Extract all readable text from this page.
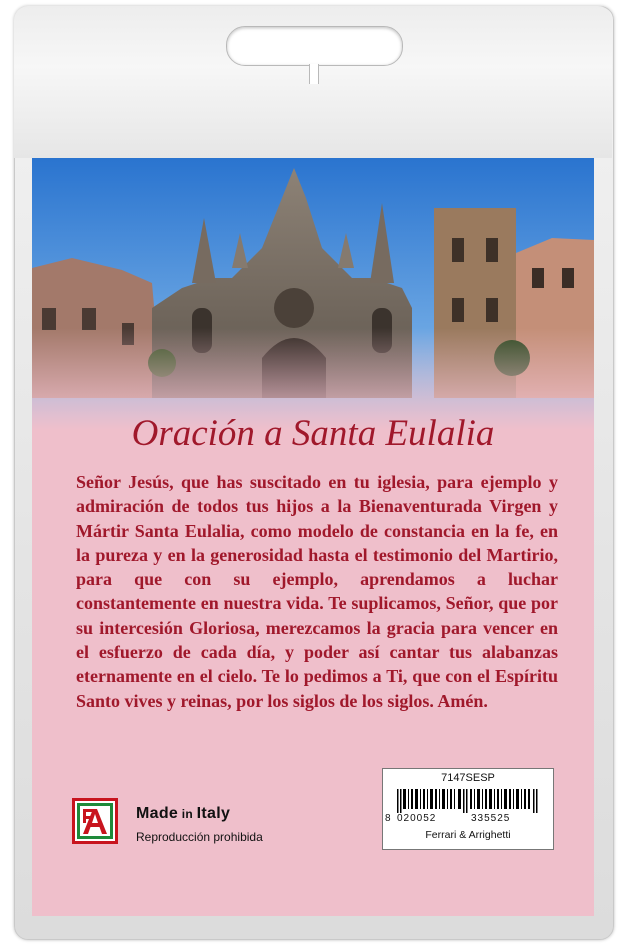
Oración a Santa Eulalia
Señor Jesús, que has suscitado en tu iglesia, para ejemplo y admiración de todos tus hijos a la Bienaventurada Virgen y Mártir Santa Eulalia, como modelo de constancia en la fe, en la pureza y en la generosidad hasta el testimonio del Martirio, para que con su ejemplo, aprendamos a luchar constantemente en nuestra vida. Te suplicamos, Señor, que por su intercesión Gloriosa, merezcamos la gracia para vencer en el esfuerzo de cada día, y poder así cantar tus alabanzas eternamente en el cielo. Te lo pedimos a Ti, que con el Espíritu Santo vives y reinas, por los siglos de los siglos. Amén.
7147SESP
8 020052	335525
Ferrari & Arrighetti
Made in Italy
Reproducción prohibida
